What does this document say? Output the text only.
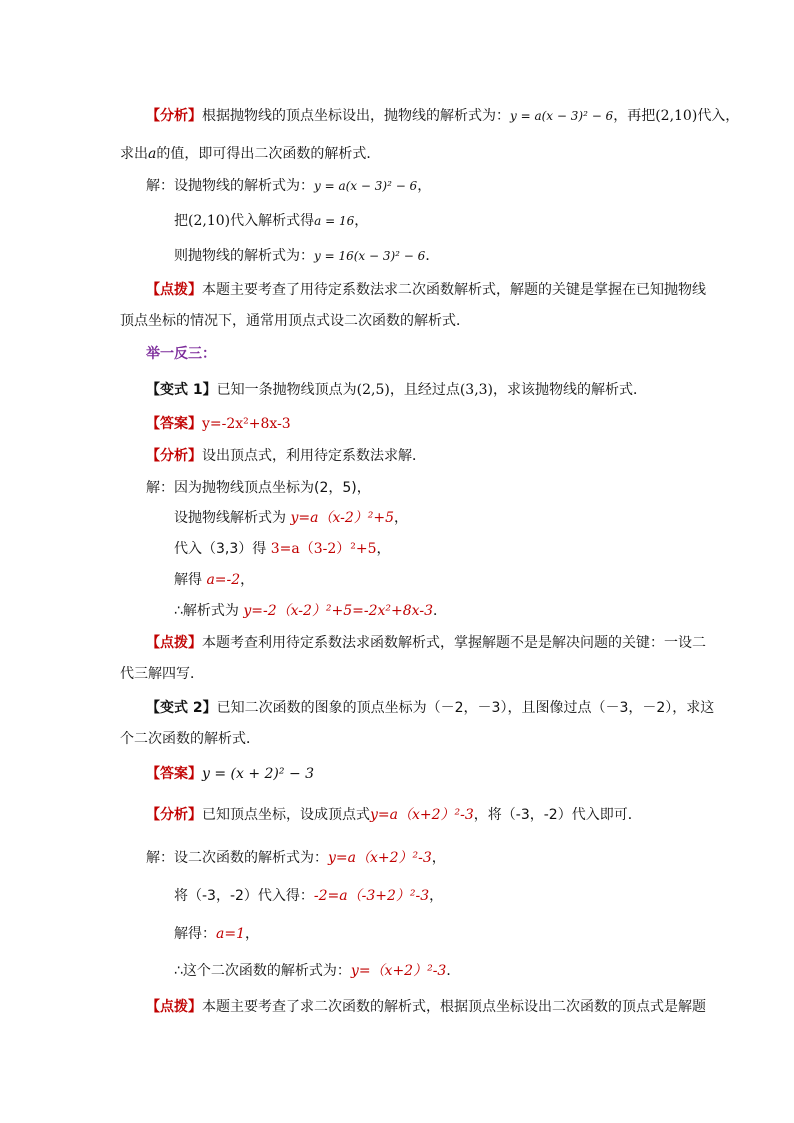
【分析】根据抛物线的顶点坐标设出，抛物线的解析式为：y = a(x − 3)² − 6，再把(2,10)代入，
求出a的值，即可得出二次函数的解析式．
解：设抛物线的解析式为：y = a(x − 3)² − 6，
把(2,10)代入解析式得a = 16，
则抛物线的解析式为：y = 16(x − 3)² − 6．
【点拨】本题主要考查了用待定系数法求二次函数解析式，解题的关键是掌握在已知抛物线
顶点坐标的情况下，通常用顶点式设二次函数的解析式．
举一反三：
【变式 1】已知一条抛物线顶点为(2,5)，且经过点(3,3)，求该抛物线的解析式．
【答案】y=-2x²+8x-3
【分析】设出顶点式，利用待定系数法求解．
解：因为抛物线顶点坐标为(2，5)，
设抛物线解析式为 y=a（x-2）²+5，
代入（3,3）得 3=a（3-2）²+5，
解得 a=-2，
∴解析式为 y=-2（x-2）²+5=-2x²+8x-3．
【点拨】本题考查利用待定系数法求函数解析式，掌握解题不是是解决问题的关键：一设二
代三解四写．
【变式 2】已知二次函数的图象的顶点坐标为（－2，－3），且图像过点（－3，－2），求这
个二次函数的解析式．
【答案】y = (x + 2)² − 3
【分析】已知顶点坐标，设成顶点式y=a（x+2）²-3，将（-3，-2）代入即可．
解：设二次函数的解析式为：y=a（x+2）²-3，
将（-3，-2）代入得：-2=a（-3+2）²-3，
解得：a=1，
∴这个二次函数的解析式为：y=（x+2）²-3．
【点拨】本题主要考查了求二次函数的解析式，根据顶点坐标设出二次函数的顶点式是解题
